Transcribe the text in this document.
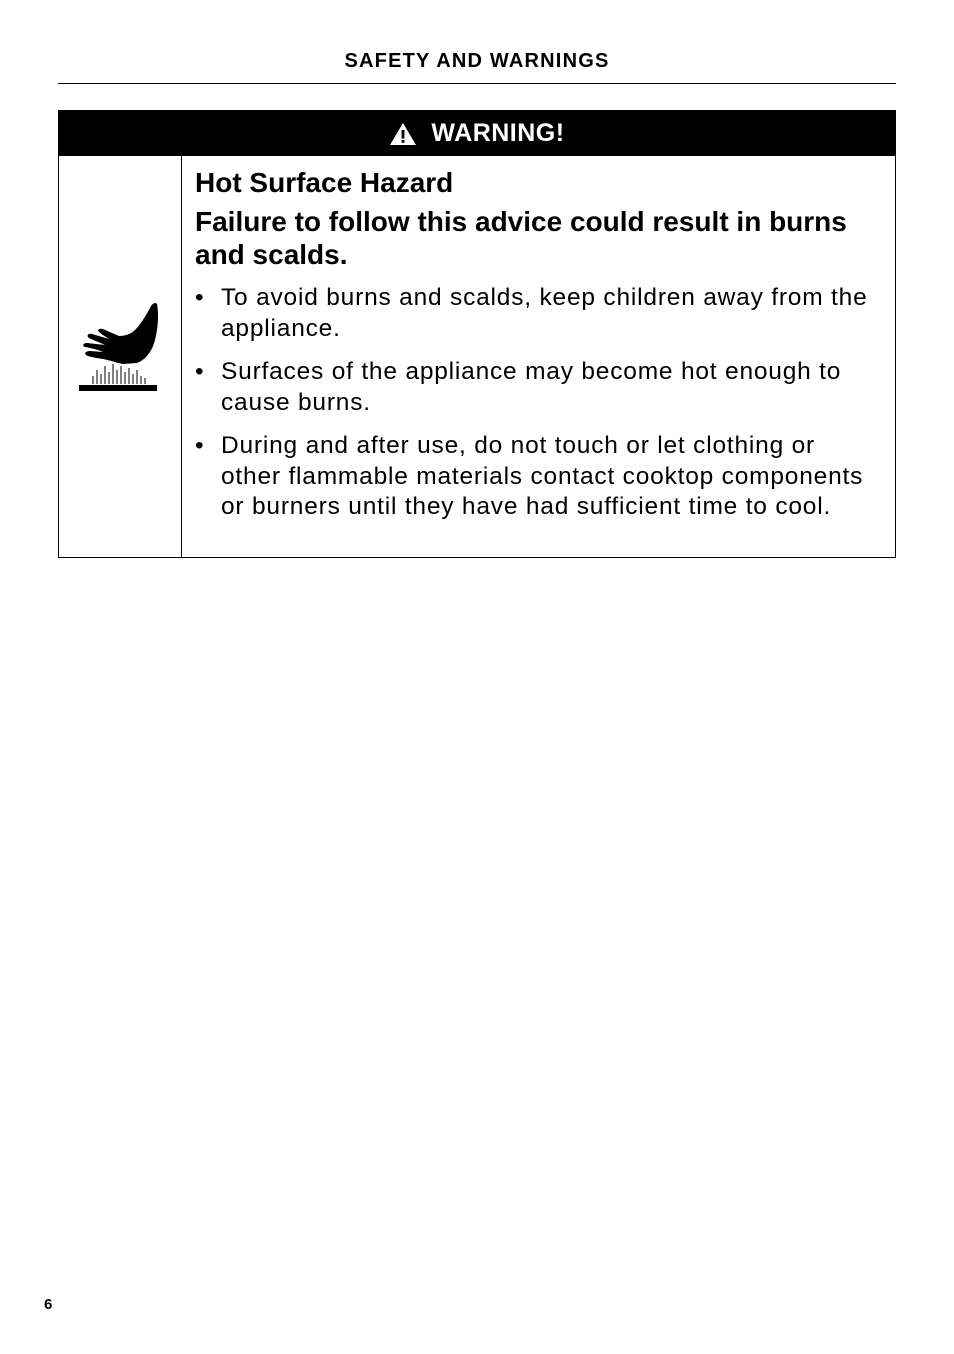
SAFETY AND WARNINGS
WARNING!
Hot Surface Hazard
Failure to follow this advice could result in burns and scalds.
• To avoid burns and scalds, keep children away from the appliance.
• Surfaces of the appliance may become hot enough to cause burns.
• During and after use, do not touch or let clothing or other flammable materials contact cooktop components or burners until they have had sufficient time to cool.
6
